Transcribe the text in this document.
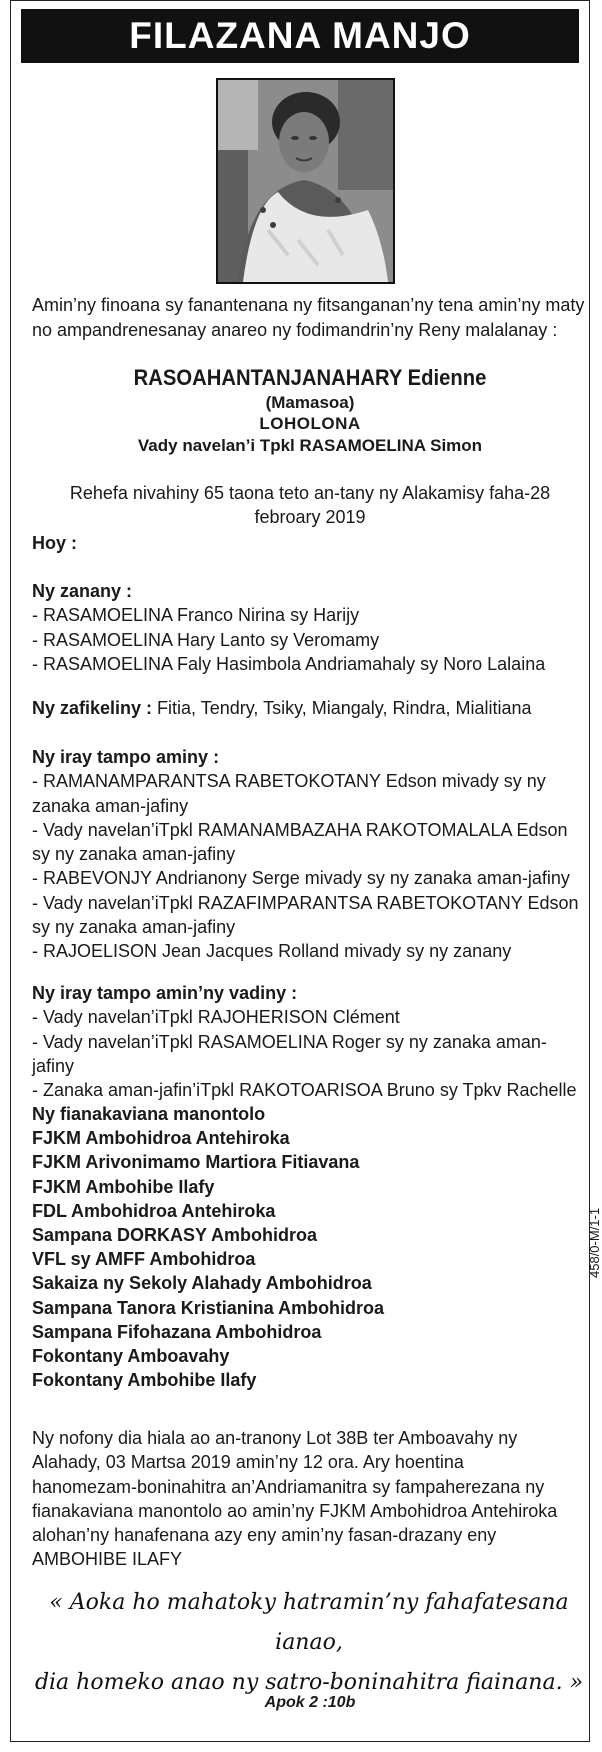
FILAZANA MANJO
Amin’ny finoana sy fanantenana ny fitsanganan’ny tena amin’ny maty
no ampandrenesanay anareo ny fodimandrin’ny Reny malalanay :
RASOAHANTANJANAHARY Edienne
(Mamasoa)
LOHOLONA
Vady navelan’i Tpkl RASAMOELINA Simon
Rehefa nivahiny 65 taona teto an-tany ny Alakamisy faha-28
febroary 2019
Hoy :
Ny zanany :
- RASAMOELINA Franco Nirina sy Harijy
- RASAMOELINA Hary Lanto sy Veromamy
- RASAMOELINA Faly Hasimbola Andriamahaly sy Noro Lalaina
Ny zafikeliny : Fitia, Tendry, Tsiky, Miangaly, Rindra, Mialitiana
Ny iray tampo aminy :
- RAMANAMPARANTSA RABETOKOTANY Edson mivady sy ny
zanaka aman-jafiny
- Vady navelan’iTpkl RAMANAMBAZAHA RAKOTOMALALA Edson
sy ny zanaka aman-jafiny
- RABEVONJY Andrianony Serge mivady sy ny zanaka aman-jafiny
- Vady navelan’iTpkl RAZAFIMPARANTSA RABETOKOTANY Edson
sy ny zanaka aman-jafiny
- RAJOELISON Jean Jacques Rolland mivady sy ny zanany
Ny iray tampo amin’ny vadiny :
- Vady navelan’iTpkl RAJOHERISON Clément
- Vady navelan’iTpkl RASAMOELINA Roger sy ny zanaka aman-jafiny
- Zanaka aman-jafin’iTpkl RAKOTOARISOA Bruno sy Tpkv Rachelle
Ny fianakaviana manontolo
FJKM Ambohidroa Antehiroka
FJKM Arivonimamo Martiora Fitiavana
FJKM Ambohibe Ilafy
FDL Ambohidroa Antehiroka
Sampana DORKASY Ambohidroa
VFL sy AMFF Ambohidroa
Sakaiza ny Sekoly Alahady Ambohidroa
Sampana Tanora Kristianina Ambohidroa
Sampana Fifohazana Ambohidroa
Fokontany Amboavahy
Fokontany Ambohibe Ilafy
Ny nofony dia hiala ao an-tranony Lot 38B ter Amboavahy ny
Alahady, 03 Martsa 2019 amin’ny 12 ora. Ary hoentina
hanomezam-boninahitra an’Andriamanitra sy fampaherezana ny
fianakaviana manontolo ao amin’ny FJKM Ambohidroa Antehiroka
alohan’ny hanafenana azy eny amin’ny fasan-drazany eny
AMBOHIBE ILAFY
« Aoka ho mahatoky hatramin’ny fahafatesana ianao,
dia homeko anao ny satro-boninahitra fiainana. »
Apok 2 :10b
458/0-M/1-1
